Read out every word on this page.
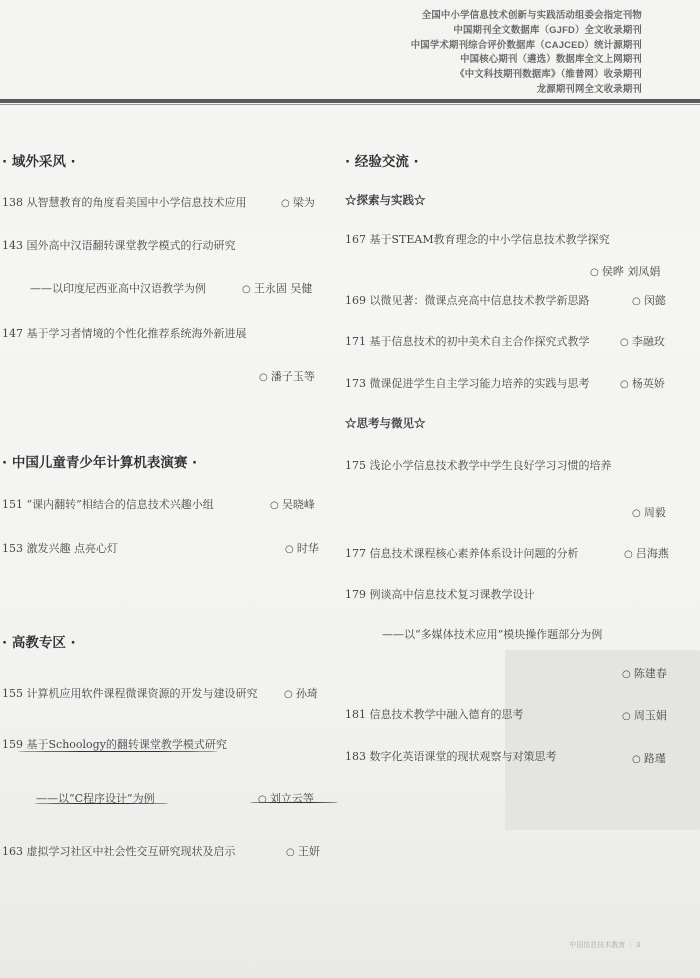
全国中小学信息技术创新与实践活动组委会指定刊物
中国期刊全文数据库（GJFD）全文收录期刊
中国学术期刊综合评价数据库（CAJCED）统计源期刊
中国核心期刊（遴选）数据库全文上网期刊
《中文科技期刊数据库》（维普网）收录期刊
龙源期刊网全文收录期刊
· 域外采风 ·
138 从智慧教育的角度看美国中小学信息技术应用	○ 梁为
143 国外高中汉语翻转课堂教学模式的行动研究
——以印度尼西亚高中汉语教学为例	○ 王永固 吴健
147 基于学习者情境的个性化推荐系统海外新进展
○ 潘子玉等
· 中国儿童青少年计算机表演赛 ·
151 “课内翻转”相结合的信息技术兴趣小组	○ 吴晓峰
153 激发兴趣 点亮心灯	○ 时华
· 高教专区 ·
155 计算机应用软件课程微课资源的开发与建设研究	○ 孙琦
159 基于Schoology的翻转课堂教学模式研究
——以“C程序设计”为例	○ 刘立云等
163 虚拟学习社区中社会性交互研究现状及启示	○ 王妍
· 经验交流 ·
☆探索与实践☆
167 基于STEAM教育理念的中小学信息技术教学探究
○ 侯晔 刘凤娟
169 以微见著：微课点亮高中信息技术教学新思路	○ 闵懿
171 基于信息技术的初中美术自主合作探究式教学	○ 李融玫
173 微课促进学生自主学习能力培养的实践与思考	○ 杨英娇
☆思考与微见☆
175 浅论小学信息技术教学中学生良好学习习惯的培养
○ 周毅
177 信息技术课程核心素养体系设计问题的分析	○ 吕海燕
179 例谈高中信息技术复习课教学设计
——以“多媒体技术应用”模块操作题部分为例
○ 陈建春
181 信息技术教学中融入德育的思考	○ 周玉娟
183 数字化英语课堂的现状观察与对策思考	○ 路瑾
中国信息技术教育 ｜ 3
